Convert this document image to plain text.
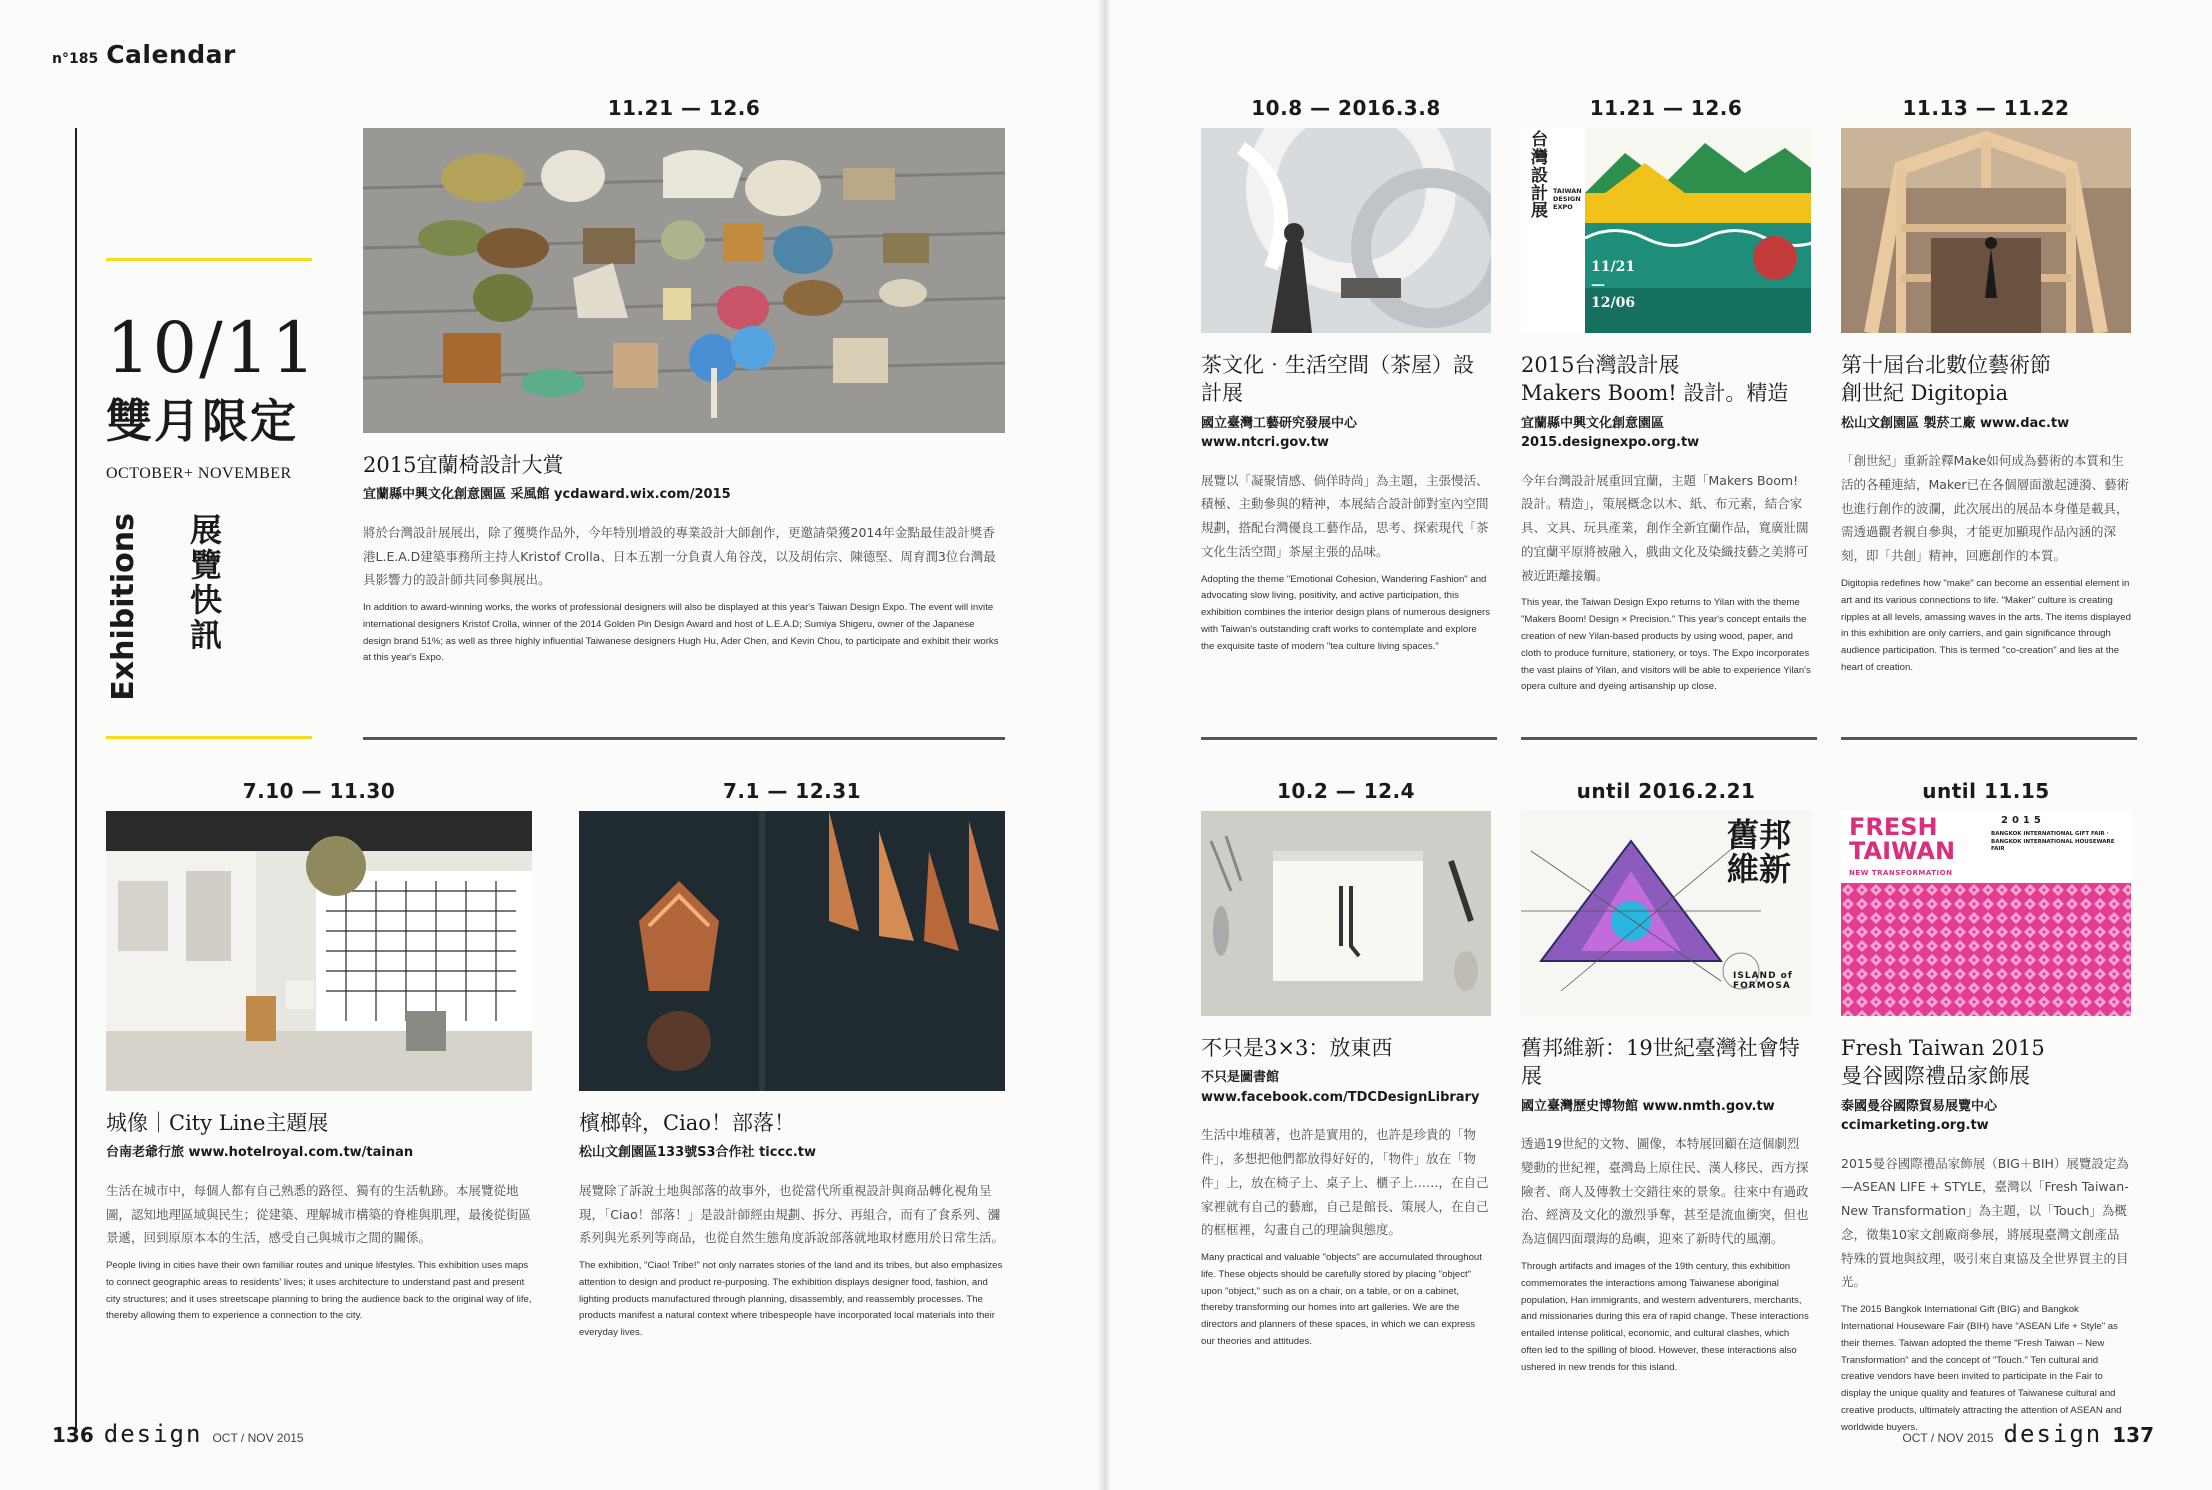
n°185 Calendar
10/11
雙月限定
OCTOBER+ NOVEMBER
展覽快訊
Exhibitions
11.21 — 12.6
2015宜蘭椅設計大賞
宜蘭縣中興文化創意園區 采風館 ycdaward.wix.com/2015
將於台灣設計展展出，除了獲獎作品外，今年特別增設的專業設計大師創作，更邀請榮獲2014年金點最佳設計獎香港L.E.A.D建築事務所主持人Kristof Crolla、日本五割一分負責人角谷茂，以及胡佑宗、陳德堅、周育潤3位台灣最具影響力的設計師共同參與展出。
In addition to award-winning works, the works of professional designers will also be displayed at this year's Taiwan Design Expo. The event will invite international designers Kristof Crolla, winner of the 2014 Golden Pin Design Award and host of L.E.A.D; Sumiya Shigeru, owner of the Japanese design brand 51%; as well as three highly influential Taiwanese designers Hugh Hu, Ader Chen, and Kevin Chou, to participate and exhibit their works at this year's Expo.
10.8 — 2016.3.8
茶文化‧生活空間（茶屋）設計展
國立臺灣工藝研究發展中心
www.ntcri.gov.tw
展覽以「凝聚情感、倘佯時尚」為主題，主張慢活、積極、主動參與的精神，本展結合設計師對室內空間規劃，搭配台灣優良工藝作品，思考、探索現代「茶文化生活空間」茶屋主張的品味。
Adopting the theme "Emotional Cohesion, Wandering Fashion" and advocating slow living, positivity, and active participation, this exhibition combines the interior design plans of numerous designers with Taiwan's outstanding craft works to contemplate and explore the exquisite taste of modern "tea culture living spaces."
11.21 — 12.6
台灣設計展
TAIWAN DESIGN EXPO
11/21 — 12/06
2015台灣設計展
Makers Boom! 設計。精造
宜蘭縣中興文化創意園區 2015.designexpo.org.tw
今年台灣設計展重回宜蘭，主題「Makers Boom! 設計。精造」，策展概念以木、紙、布元素，結合家具、文具、玩具產業，創作全新宜蘭作品，寬廣壯闊的宜蘭平原將被融入，戲曲文化及染織技藝之美將可被近距離接觸。
This year, the Taiwan Design Expo returns to Yilan with the theme "Makers Boom! Design × Precision." This year's concept entails the creation of new Yilan-based products by using wood, paper, and cloth to produce furniture, stationery, or toys. The Expo incorporates the vast plains of Yilan, and visitors will be able to experience Yilan's opera culture and dyeing artisanship up close.
11.13 — 11.22
第十屆台北數位藝術節
創世紀 Digitopia
松山文創園區 製菸工廠 www.dac.tw
「創世紀」重新詮釋Make如何成為藝術的本質和生活的各種連結，Maker已在各個層面激起漣漪、藝術也進行創作的波瀾，此次展出的展品本身僅是載具，需透過觀者親自參與，才能更加顯現作品內涵的深刻，即「共創」精神，回應創作的本質。
Digitopia redefines how "make" can become an essential element in art and its various connections to life. "Maker" culture is creating ripples at all levels, amassing waves in the arts. The items displayed in this exhibition are only carriers, and gain significance through audience participation. This is termed "co-creation" and lies at the heart of creation.
7.10 — 11.30
城像｜City Line主題展
台南老爺行旅 www.hotelroyal.com.tw/tainan
生活在城市中，每個人都有自己熟悉的路徑、獨有的生活軌跡。本展覽從地圖，認知地理區域與民生；從建築、理解城市構築的脊椎與肌理，最後從街區景遞，回到原原本本的生活，感受自己與城市之間的關係。
People living in cities have their own familiar routes and unique lifestyles. This exhibition uses maps to connect geographic areas to residents' lives; it uses architecture to understand past and present city structures; and it uses streetscape planning to bring the audience back to the original way of life, thereby allowing them to experience a connection to the city.
7.1 — 12.31
檳榔斡，Ciao！部落！
松山文創園區133號S3合作社 ticcc.tw
展覽除了訴說土地與部落的故事外，也從當代所重視設計與商品轉化視角呈現，「Ciao！部落！」是設計師經由規劃、拆分、再組合，而有了食系列、瀰系列與光系列等商品，也從自然生態角度訴說部落就地取材應用於日常生活。
The exhibition, "Ciao! Tribe!" not only narrates stories of the land and its tribes, but also emphasizes attention to design and product re-purposing. The exhibition displays designer food, fashion, and lighting products manufactured through planning, disassembly, and reassembly processes. The products manifest a natural context where tribespeople have incorporated local materials into their everyday lives.
10.2 — 12.4
不只是3×3：放東西
不只是圖書館
www.facebook.com/TDCDesignLibrary
生活中堆積著，也許是實用的，也許是珍貴的「物件」，多想把他們都放得好好的，「物件」放在「物件」上，放在椅子上、桌子上、櫃子上……，在自己家裡就有自己的藝廊，自己是館長、策展人，在自己的框框裡，勾畫自己的理論與態度。
Many practical and valuable "objects" are accumulated throughout life. These objects should be carefully stored by placing "object" upon "object," such as on a chair, on a table, or on a cabinet, thereby transforming our homes into art galleries. We are the directors and planners of these spaces, in which we can express our theories and attitudes.
until 2016.2.21
舊邦維新
ISLAND of FORMOSA
舊邦維新：19世紀臺灣社會特展
國立臺灣歷史博物館 www.nmth.gov.tw
透過19世紀的文物、圖像，本特展回顧在這個劇烈變動的世紀裡，臺灣島上原住民、漢人移民、西方探險者、商人及傳教士交錯往來的景象。往來中有過政治、經濟及文化的激烈爭奪，甚至是流血衝突，但也為這個四面環海的島嶼，迎來了新時代的風潮。
Through artifacts and images of the 19th century, this exhibition commemorates the interactions among Taiwanese aboriginal population, Han immigrants, and western adventurers, merchants, and missionaries during this era of rapid change. These interactions entailed intense political, economic, and cultural clashes, which often led to the spilling of blood. However, these interactions also ushered in new trends for this island.
until 11.15
FRESH TAIWAN
NEW TRANSFORMATION
2015
BANGKOK INTERNATIONAL GIFT FAIR · BANGKOK INTERNATIONAL HOUSEWARE FAIR
Fresh Taiwan 2015
曼谷國際禮品家飾展
泰國曼谷國際貿易展覽中心 ccimarketing.org.tw
2015曼谷國際禮品家飾展（BIG＋BIH）展覽設定為—ASEAN LIFE + STYLE，臺灣以「Fresh Taiwan-New Transformation」為主題，以「Touch」為概念，徵集10家文創廠商參展，將展現臺灣文創產品特殊的質地與紋理，吸引來自東協及全世界買主的目光。
The 2015 Bangkok International Gift (BIG) and Bangkok International Houseware Fair (BIH) have "ASEAN Life + Style" as their themes. Taiwan adopted the theme "Fresh Taiwan – New Transformation" and the concept of "Touch." Ten cultural and creative vendors have been invited to participate in the Fair to display the unique quality and features of Taiwanese cultural and creative products, ultimately attracting the attention of ASEAN and worldwide buyers.
136 design OCT / NOV 2015	OCT / NOV 2015 design 137
